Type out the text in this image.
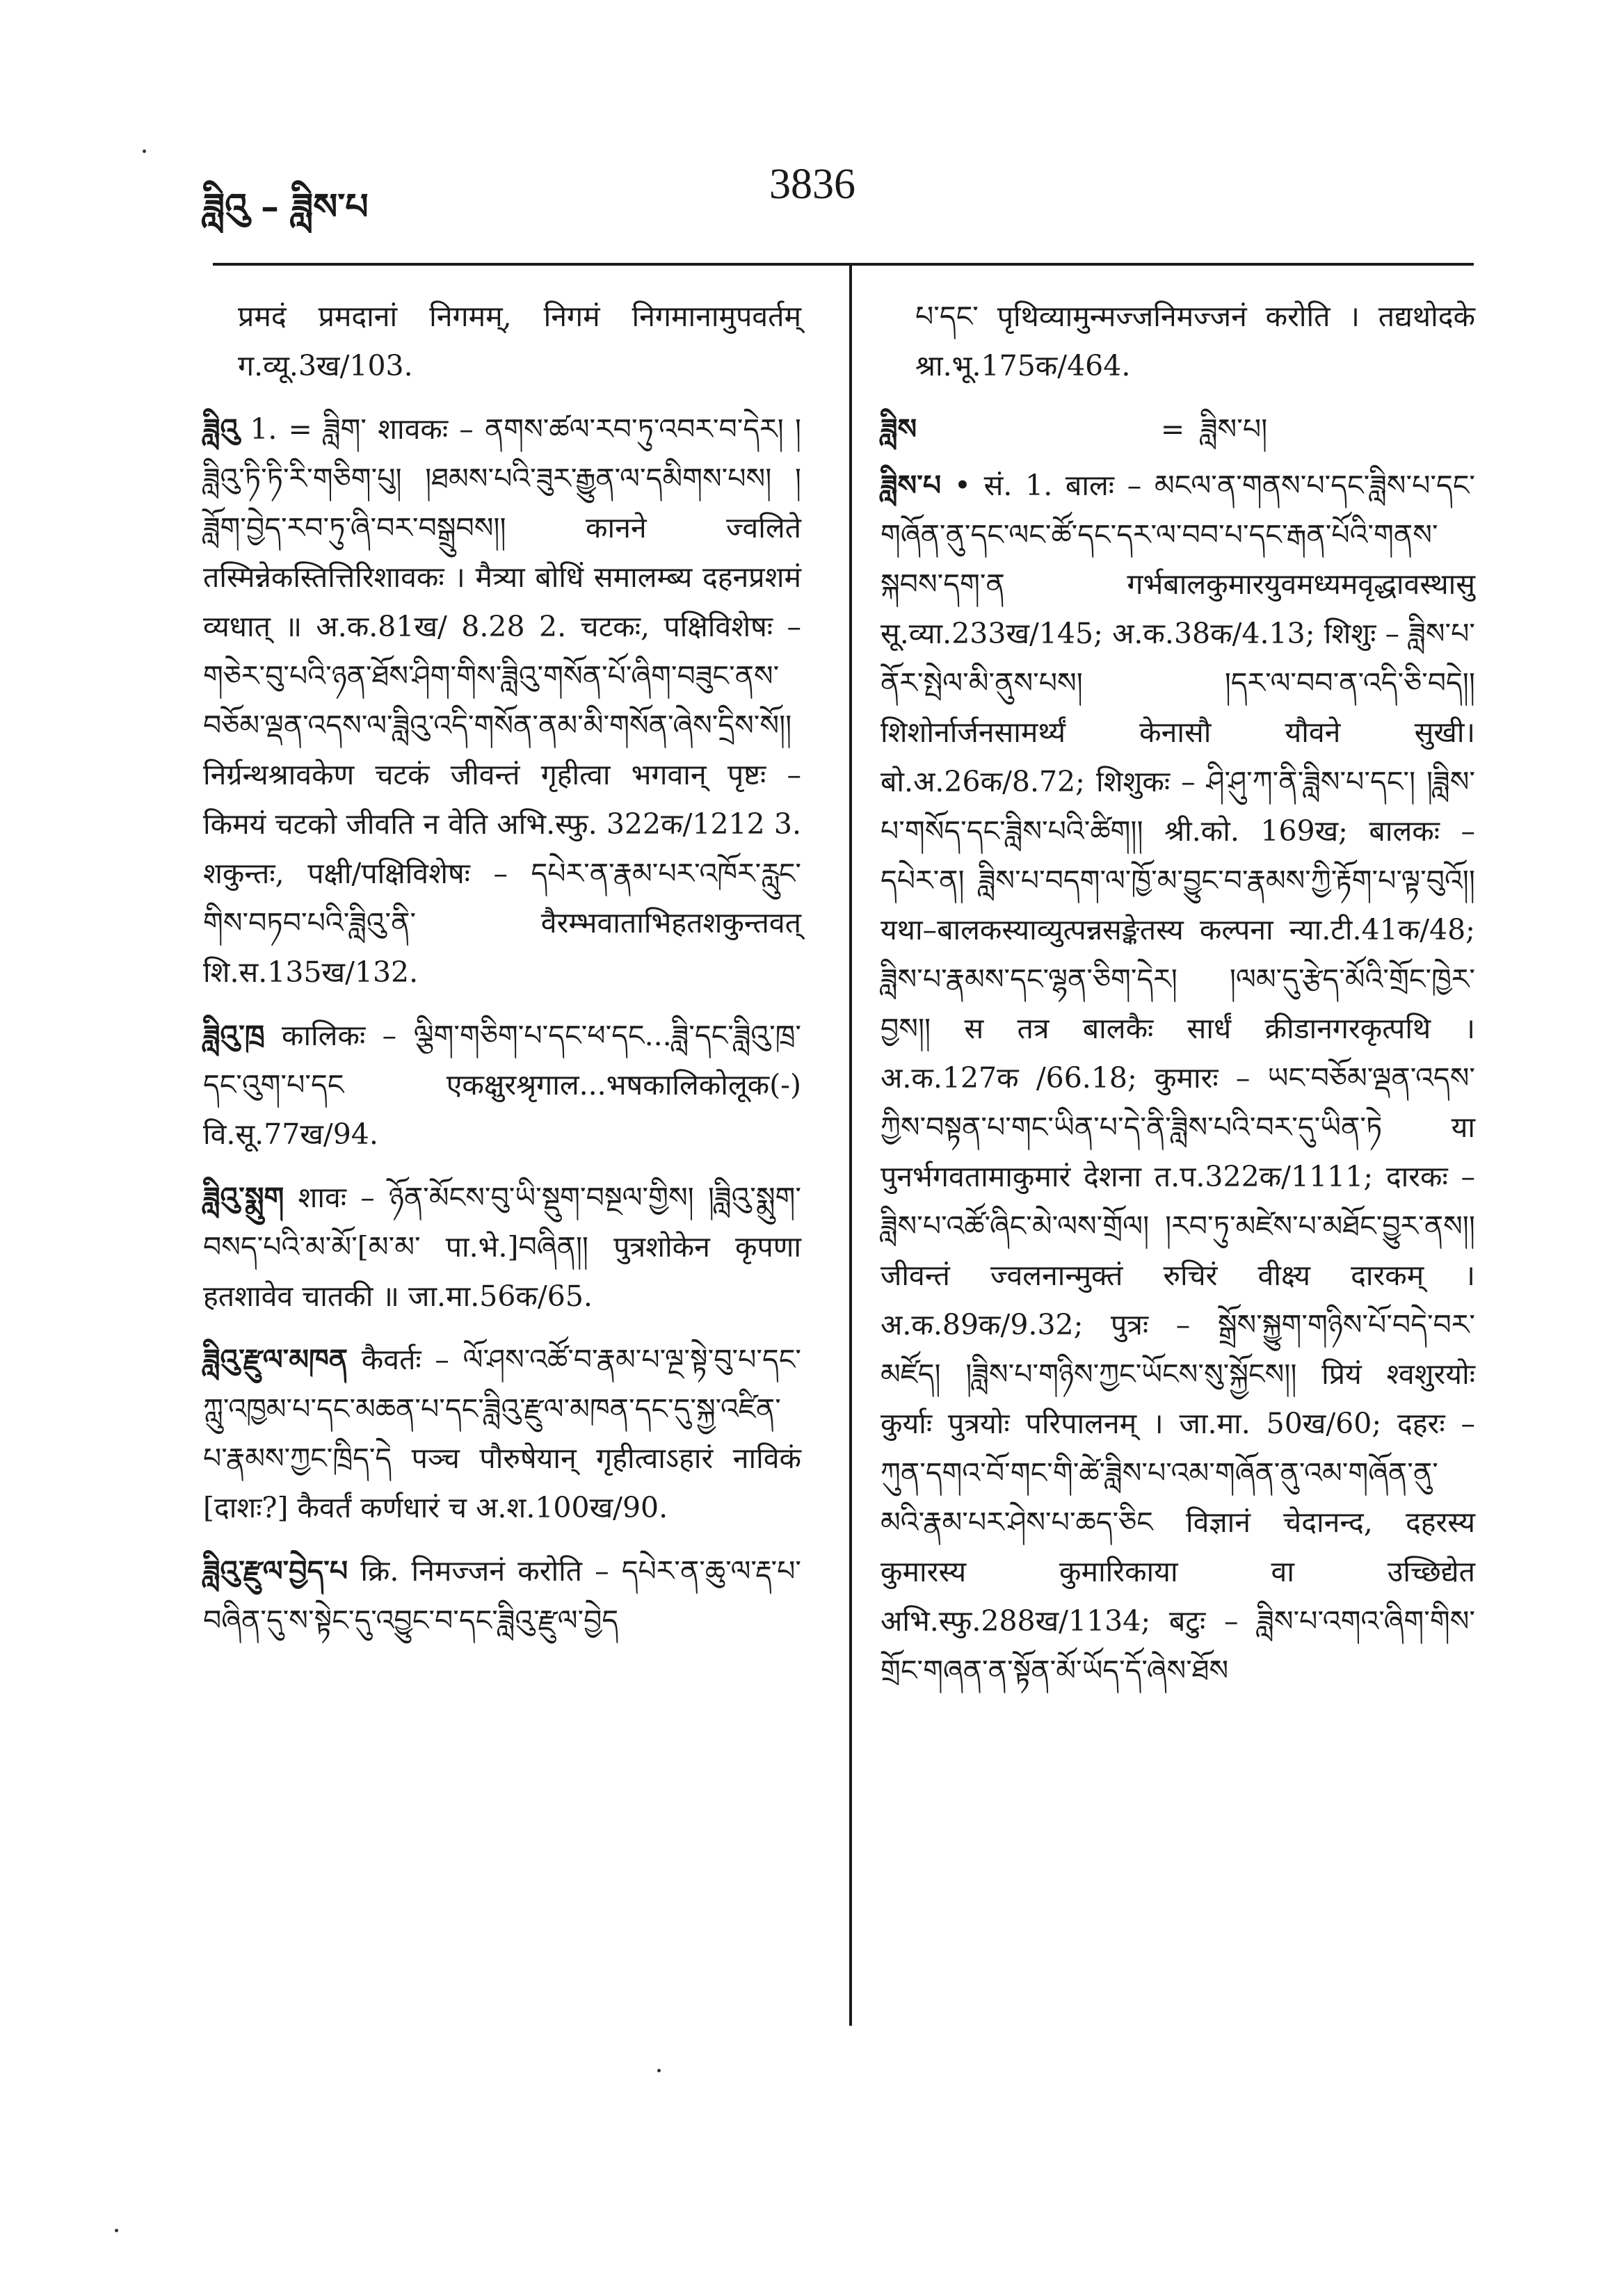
ཟླིའུ – ཟླིས་པ	3836
प्रमदं प्रमदानां निगमम्, निगमं निगमानामुपवर्तम् ग.व्यू.3ख/103.
ཟླིའུ 1. = ཟླིག་ शावकः – ནགས་ཚལ་རབ་ཏུ་འབར་བ་དེར། །ཟླིའུ་ཏི་ཏི་རི་གཅིག་པུ། །ཐམས་པའི་ཟུར་རྒྱུན་ལ་དམིགས་པས། །ཟློག་བྱེད་རབ་ཏུ་ཞི་བར་བསྒྲུབས།། कानने ज्वलिते तस्मिन्नेकस्तित्तिरिशावकः । मैत्र्या बोधिं समालम्ब्य दहनप्रशमं व्यधात् ॥ अ.क.81ख/ 8.28 2. चटकः, पक्षिविशेषः – གཅེར་བུ་པའི་ཉན་ཐོས་ཤིག་གིས་ཟླིའུ་གསོན་པོ་ཞིག་བཟུང་ནས་བཅོམ་ལྡན་འདས་ལ་ཟླིའུ་འདི་གསོན་ནམ་མི་གསོན་ཞེས་དྲིས་སོ།། निर्ग्रन्थश्रावकेण चटकं जीवन्तं गृहीत्वा भगवान् पृष्टः – किमयं चटको जीवति न वेति अभि.स्फु. 322क/1212 3. शकुन्तः, पक्षी/पक्षिविशेषः – དཔེར་ན་རྣམ་པར་འཁོར་རླུང་གིས་བཏབ་པའི་ཟླིའུ་ནི་ वैरम्भवाताभिहतशकुन्तवत् शि.स.135ख/132.
ཟླིའུ་ཁྲ कालिकः – ལྕིག་གཅིག་པ་དང་ཕ་དང...ཟླི་དང་ཟླིའུ་ཁྲ་དང་འུག་པ་དང एकक्षुरश्रृगाल...भषकालिकोलूक(-) वि.सू.77ख/94.
ཟླིའུ་སྨུག शावः – ཉོན་མོངས་བུ་ཡི་སྡུག་བསྔལ་གྱིས། །ཟླིའུ་སྨུག་བསད་པའི་མ་མོ་[མ་མ་ पा.भे.]བཞིན།། पुत्रशोकेन कृपणा हतशावेव चातकी ॥ जा.मा.56क/65.
ཟླིའུ་རྫུལ་མཁན कैवर्तः – ལོ་ཤས་འཚོ་བ་རྣམ་པ་ལྔ་སྟེ་བུ་པ་དང་ཀླུ་འཁྱམ་པ་དང་མཆན་པ་དང་ཟླིའུ་རྫུལ་མཁན་དང་དུ་སྐྱ་འཛིན་པ་རྣམས་ཀྱང་ཁྲིད་དེ पञ्च पौरुषेयान् गृहीत्वाऽहारं नाविकं [दाशः?] कैवर्तं कर्णधारं च अ.श.100ख/90.
ཟླིའུ་རྫུལ་བྱེད་པ क्रि. निमज्जनं करोति – དཔེར་ན་ཆུ་ལ་རྡ་པ་བཞིན་དུ་ས་སྟེང་དུ་འབྱུང་བ་དང་ཟླིའུ་རྫུལ་བྱེད
པ་དང་ पृथिव्यामुन्मज्जनिमज्जनं करोति । तद्यथोदके श्रा.भू.175क/464.
ཟླིས	= ཟླིས་པ།
ཟླིས་པ • सं. 1. बालः – མངལ་ན་གནས་པ་དང་ཟླིས་པ་དང་གཞོན་ནུ་དང་ལང་ཚོ་དང་དར་ལ་བབ་པ་དང་རྒན་པོའི་གནས་སྐབས་དག་ན गर्भबालकुमारयुवमध्यमवृद्धावस्थासु सू.व्या.233ख/145; अ.क.38क/4.13; शिशुः – ཟླིས་པ་ནོར་སྤེལ་མི་ནུས་པས། །དར་ལ་བབ་ན་འདི་ཅི་བདེ།། शिशोर्नार्जनसामर्थ्यं केनासौ यौवने सुखी। बो.अ.26क/8.72; शिशुकः – ཤི་ཤུ་ཀ་ནི་ཟླིས་པ་དང་། །ཟླིས་པ་གསོད་དང་ཟླིས་པའི་ཚིག།། श्री.को. 169ख; बालकः – དཔེར་ན། ཟླིས་པ་བདག་ལ་ཁྱོ་མ་བྱུང་བ་རྣམས་ཀྱི་རྟོག་པ་ལྟ་བུའོ།། यथा–बालकस्याव्युत्पन्नसङ्केतस्य कल्पना न्या.टी.41क/48; ཟླིས་པ་རྣམས་དང་ལྷན་ཅིག་དེར། །ལམ་དུ་རྩེད་མོའི་གྲོང་ཁྱེར་བྱས།། स तत्र बालकैः सार्धं क्रीडानगरकृत्पथि । अ.क.127क /66.18; कुमारः – ཡང་བཅོམ་ལྡན་འདས་ཀྱིས་བསྟན་པ་གང་ཡིན་པ་དེ་ནི་ཟླིས་པའི་བར་དུ་ཡིན་ཏེ या पुनर्भगवतामाकुमारं देशना त.प.322क/1111; दारकः – ཟླིས་པ་འཚོ་ཞིང་མེ་ལས་གྲོལ། །རབ་ཏུ་མཛེས་པ་མཐོང་བྱུར་ནས།། जीवन्तं ज्वलनान्मुक्तं रुचिरं वीक्ष्य दारकम् । अ.क.89क/9.32; पुत्रः – སྒྲོས་སྐྱུག་གཉིས་པོ་བདེ་བར་མཛོད། །ཟླིས་པ་གཉིས་ཀྱང་ཡོངས་སུ་སྐྱོངས།། प्रियं श्वशुरयोः कुर्याः पुत्रयोः परिपालनम् । जा.मा. 50ख/60; दहरः – ཀུན་དགའ་བོ་གང་གི་ཚེ་ཟླིས་པ་འམ་གཞོན་ནུ་འམ་གཞོན་ནུ་མའི་རྣམ་པར་ཤེས་པ་ཆད་ཅིང विज्ञानं चेदानन्द, दहरस्य कुमारस्य कुमारिकाया वा उच्छिद्येत अभि.स्फु.288ख/1134; बटुः – ཟླིས་པ་འགའ་ཞིག་གིས་གྲོང་གཞན་ན་སྟོན་མོ་ཡོད་དོ་ཞེས་ཐོས
